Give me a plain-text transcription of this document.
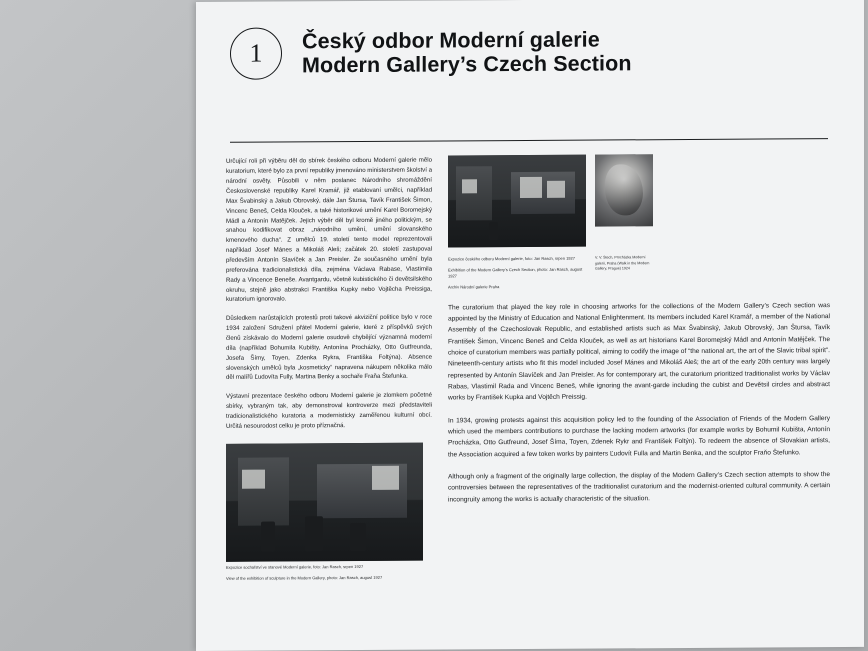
1	Český odbor Moderní galerie
Modern Gallery’s Czech Section

Určující roli při výběru děl do sbírek českého odboru Moderní galerie mělo kuratorium, které bylo za první republiky jmenováno ministerstvem školství a národní osvěty. Působili v něm poslanec Národního shromáždění Československé republiky Karel Kramář, již etablovaní umělci, například Max Švabinský a Jakub Obrovský, dále Jan Štursa, Tavík František Šimon, Vincenc Beneš, Celda Klouček, a také historikové umění Karel Boromejský Mádl a Antonín Matějček. Jejich výběr děl byl kromě jiného politickým, se snahou kodifikovat obraz „národního umění, umění slovanského kmenového ducha“. Z umělců 19. století tento model reprezentovali například Josef Mánes a Mikoláš Aleš; začátek 20. století zastupoval především Antonín Slavíček a Jan Preisler. Ze současného umění byla preferována tradicionalistická díla, zejména Václava Rabase, Vlastimila Rady a Vincence Beneše. Avantgardu, včetně kubistického či devětsilského okruhu, stejně jako abstrakci Františka Kupky nebo Vojtěcha Preissiga, kuratorium ignorovalo.

Důsledkem narůstajících protestů proti takové akviziční politice bylo v roce 1934 založení Sdružení přátel Moderní galerie, které z příspěvků svých členů získávalo do Moderní galerie osudově chybějící významná moderní díla (například Bohumila Kubišty, Antonína Procházky, Otto Gutfreunda, Josefa Šímy, Toyen, Zdenka Rykra, Františka Foltýna). Absence slovenských umělců byla „kosmeticky“ napravena nákupem několika málo děl malířů Ľudovíta Fully, Martina Benky a sochaře Fraňa Štefunka.

Výstavní prezentace českého odboru Moderní galerie je zlomkem početné sbírky, vybraným tak, aby demonstroval kontroverze mezi představiteli tradicionalistického kuratoria a modernisticky zaměřenou kulturní obcí. Určitá nesourodost celku je proto příznačná.

Expozice sochařství ve stanové Moderní galerie, foto: Jan Rasch, srpen 1927
View of the exhibition of sculpture in the Modern Gallery, photo: Jan Rasch, august 1927
Expozice českého odboru Moderní galerie, foto: Jan Rasch, srpen 1927
Exhibition of the Modern Gallery’s Czech Section, photo: Jan Rasch, august 1927
Archiv Národní galerie Praha
V. V. Štech, Procházka Moderní galerií, Praha (Walk in the Modern Gallery, Prague) 1924

The curatorium that played the key role in choosing artworks for the collections of the Modern Gallery’s Czech section was appointed by the Ministry of Education and National Enlightenment. Its members included Karel Kramář, a member of the National Assembly of the Czechoslovak Republic, and established artists such as Max Švabinský, Jakub Obrovský, Jan Štursa, Tavík František Šimon, Vincenc Beneš and Celda Klouček, as well as art historians Karel Boromejský Mádl and Antonín Matějček. The choice of curatorium members was partially political, aiming to codify the image of “the national art, the art of the Slavic tribal spirit”. Nineteenth-century artists who fit this model included Josef Mánes and Mikoláš Aleš; the art of the early 20th century was largely represented by Antonín Slavíček and Jan Preisler. As for contemporary art, the curatorium prioritized traditionalist works by Václav Rabas, Vlastimil Rada and Vincenc Beneš, while ignoring the avant-garde including the cubist and Devětsil circles and abstract works by František Kupka and Vojtěch Preissig.

In 1934, growing protests against this acquisition policy led to the founding of the Association of Friends of the Modern Gallery which used the members contributions to purchase the lacking modern artworks (for example works by Bohumil Kubišta, Antonín Procházka, Otto Gutfreund, Josef Šíma, Toyen, Zdenek Rykr and František Foltýn). To redeem the absence of Slovakian artists, the Association acquired a few token works by painters Ľudovít Fulla and Martin Benka, and the sculptor Fraňo Štefunko.

Although only a fragment of the originally large collection, the display of the Modern Gallery’s Czech section attempts to show the controversies between the representatives of the traditionalist curatorium and the modernist-oriented cultural community. A certain incongruity among the works is actually characteristic of the situation.
